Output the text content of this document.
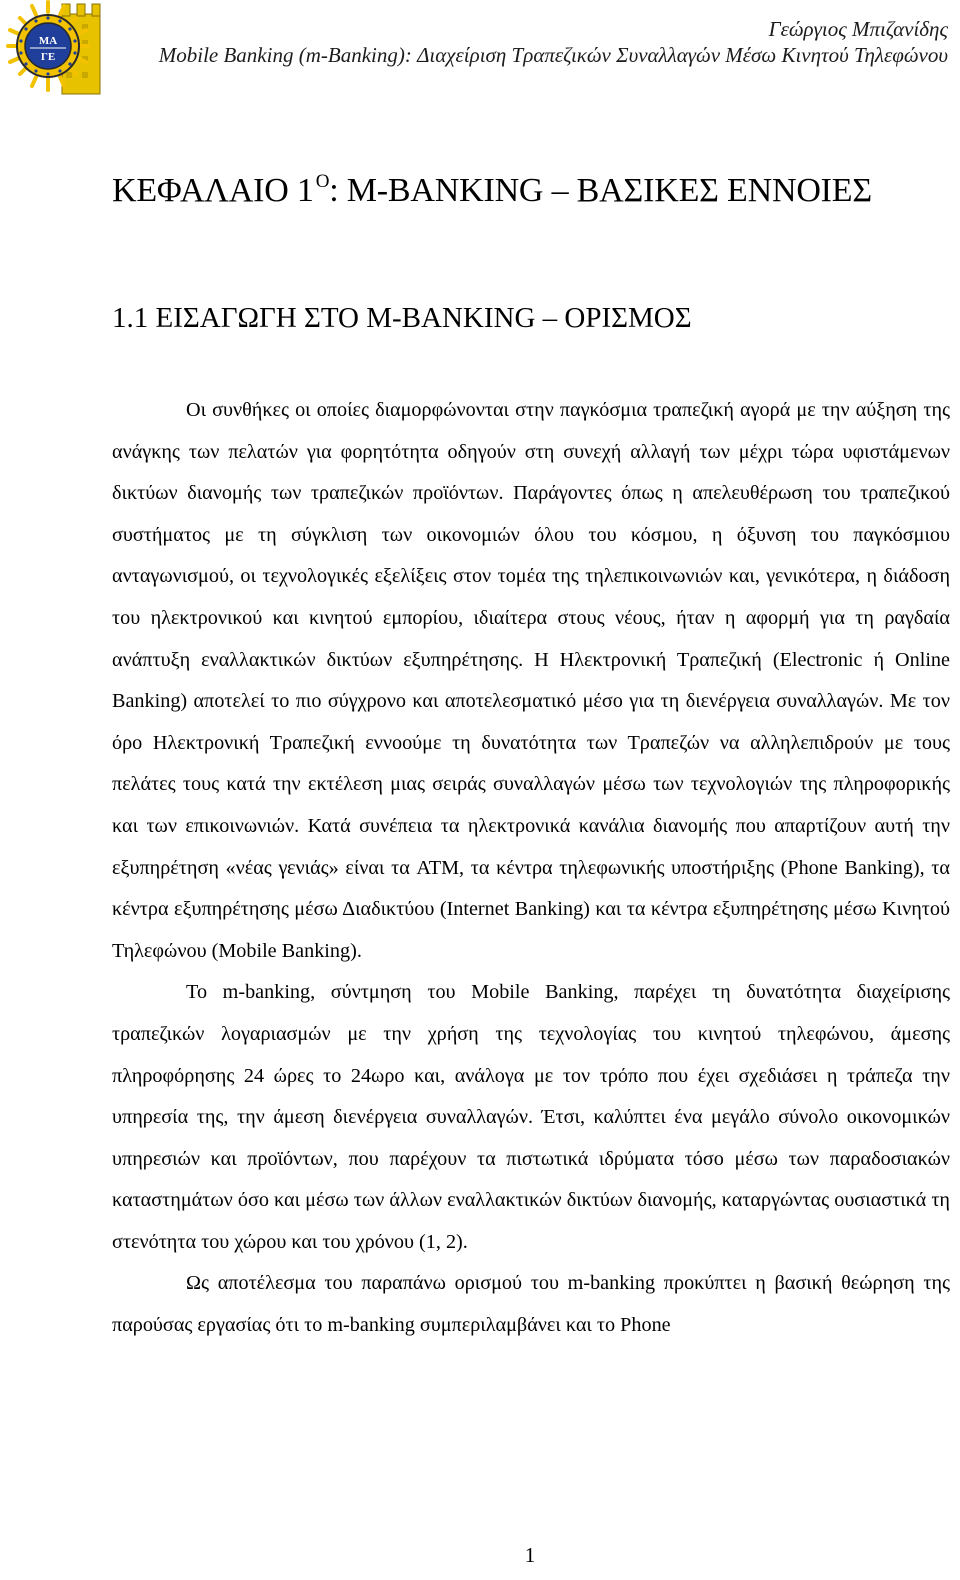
ΜΑ
ΓΕ
Γεώργιος Μπιζανίδης
Mobile Banking (m-Banking): Διαχείριση Τραπεζικών Συναλλαγών Μέσω Κινητού Τηλεφώνου
ΚΕΦΑΛΑΙΟ 1 $^O$: M-BANKING – ΒΑΣΙΚΕΣ ΕΝΝΟΙΕΣ
1.1 ΕΙΣΑΓΩΓΗ ΣΤΟ M-BANKING – ΟΡΙΣΜΟΣ

Οι συνθήκες οι οποίες διαμορφώνονται στην παγκόσμια τραπεζική αγορά με την αύξηση της ανάγκης των πελατών για φορητότητα οδηγούν στη συνεχή αλλαγή των μέχρι τώρα υφιστάμενων δικτύων διανομής των τραπεζικών προϊόντων. Παράγοντες όπως η απελευθέρωση του τραπεζικού συστήματος με τη σύγκλιση των οικονομιών όλου του κόσμου, η όξυνση του παγκόσμιου ανταγωνισμού, οι τεχνολογικές εξελίξεις στον τομέα της τηλεπικοινωνιών και, γενικότερα, η διάδοση του ηλεκτρονικού και κινητού εμπορίου, ιδιαίτερα στους νέους, ήταν η αφορμή για τη ραγδαία ανάπτυξη εναλλακτικών δικτύων εξυπηρέτησης. Η Ηλεκτρονική Τραπεζική (Electronic ή Online Banking) αποτελεί το πιο σύγχρονο και αποτελεσματικό μέσο για τη διενέργεια συναλλαγών. Με τον όρο Ηλεκτρονική Τραπεζική εννοούμε τη δυνατότητα των Τραπεζών να αλληλεπιδρούν με τους πελάτες τους κατά την εκτέλεση μιας σειράς συναλλαγών μέσω των τεχνολογιών της πληροφορικής και των επικοινωνιών. Κατά συνέπεια τα ηλεκτρονικά κανάλια διανομής που απαρτίζουν αυτή την εξυπηρέτηση «νέας γενιάς» είναι τα ATM, τα κέντρα τηλεφωνικής υποστήριξης (Phone Banking), τα κέντρα εξυπηρέτησης μέσω Διαδικτύου (Internet Banking) και τα κέντρα εξυπηρέτησης μέσω Κινητού Τηλεφώνου (Mobile Banking).

Το m-banking, σύντμηση του Mobile Banking, παρέχει τη δυνατότητα διαχείρισης τραπεζικών λογαριασμών με την χρήση της τεχνολογίας του κινητού τηλεφώνου, άμεσης πληροφόρησης 24 ώρες το 24ωρο και, ανάλογα με τον τρόπο που έχει σχεδιάσει η τράπεζα την υπηρεσία της, την άμεση διενέργεια συναλλαγών. Έτσι, καλύπτει ένα μεγάλο σύνολο οικονομικών υπηρεσιών και προϊόντων, που παρέχουν τα πιστωτικά ιδρύματα τόσο μέσω των παραδοσιακών καταστημάτων όσο και μέσω των άλλων εναλλακτικών δικτύων διανομής, καταργώντας ουσιαστικά τη στενότητα του χώρου και του χρόνου (1, 2).

Ως αποτέλεσμα του παραπάνω ορισμού του m-banking προκύπτει η βασική θεώρηση της παρούσας εργασίας ότι το m-banking συμπεριλαμβάνει και το Phone

1
